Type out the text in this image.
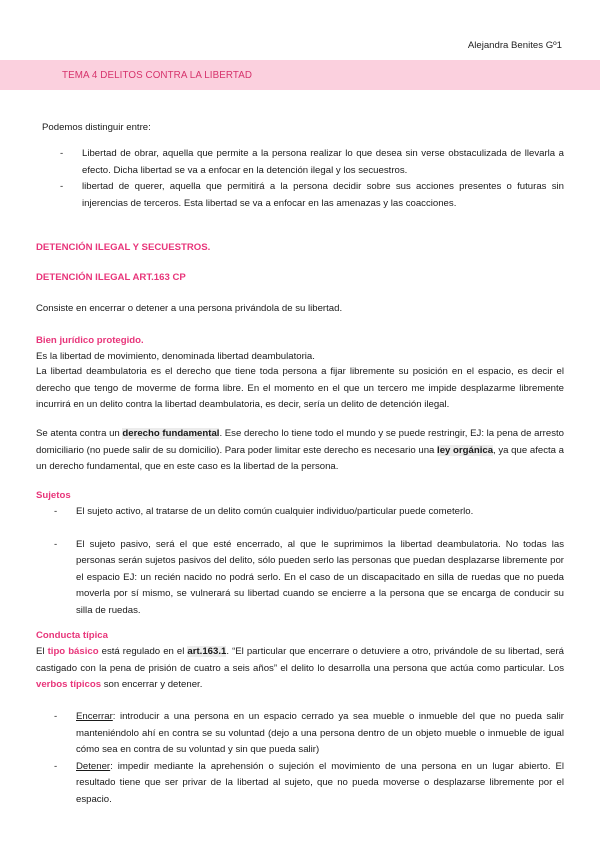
Alejandra Benites Gº1
TEMA 4 DELITOS CONTRA LA LIBERTAD
Podemos distinguir entre:
- Libertad de obrar, aquella que permite a la persona realizar lo que desea sin verse obstaculizada de llevarla a efecto. Dicha libertad se va a enfocar en la detención ilegal y los secuestros.
- libertad de querer, aquella que permitirá a la persona decidir sobre sus acciones presentes o futuras sin injerencias de terceros. Esta libertad se va a enfocar en las amenazas y las coacciones.
DETENCIÓN ILEGAL Y SECUESTROS.
DETENCIÓN ILEGAL ART.163 CP
Consiste en encerrar o detener a una persona privándola de su libertad.
Bien jurídico protegido.
Es la libertad de movimiento, denominada libertad deambulatoria.
La libertad deambulatoria es el derecho que tiene toda persona a fijar libremente su posición en el espacio, es decir el derecho que tengo de moverme de forma libre. En el momento en el que un tercero me impide desplazarme libremente incurrirá en un delito contra la libertad deambulatoria, es decir, sería un delito de detención ilegal.
Se atenta contra un derecho fundamental. Ese derecho lo tiene todo el mundo y se puede restringir, EJ: la pena de arresto domiciliario (no puede salir de su domicilio). Para poder limitar este derecho es necesario una ley orgánica, ya que afecta a un derecho fundamental, que en este caso es la libertad de la persona.
Sujetos
- El sujeto activo, al tratarse de un delito común cualquier individuo/particular puede cometerlo.
- El sujeto pasivo, será el que esté encerrado, al que le suprimimos la libertad deambulatoria. No todas las personas serán sujetos pasivos del delito, sólo pueden serlo las personas que puedan desplazarse libremente por el espacio EJ: un recién nacido no podrá serlo. En el caso de un discapacitado en silla de ruedas que no pueda moverla por sí mismo, se vulnerará su libertad cuando se encierre a la persona que se encarga de conducir su silla de ruedas.
Conducta típica
El tipo básico está regulado en el art.163.1. “El particular que encerrare o detuviere a otro, privándole de su libertad, será castigado con la pena de prisión de cuatro a seis años” el delito lo desarrolla una persona que actúa como particular. Los verbos típicos son encerrar y detener.
- Encerrar: introducir a una persona en un espacio cerrado ya sea mueble o inmueble del que no pueda salir manteniéndolo ahí en contra se su voluntad (dejo a una persona dentro de un objeto mueble o inmueble de igual cómo sea en contra de su voluntad y sin que pueda salir)
- Detener: impedir mediante la aprehensión o sujeción el movimiento de una persona en un lugar abierto. El resultado tiene que ser privar de la libertad al sujeto, que no pueda moverse o desplazarse libremente por el espacio.
